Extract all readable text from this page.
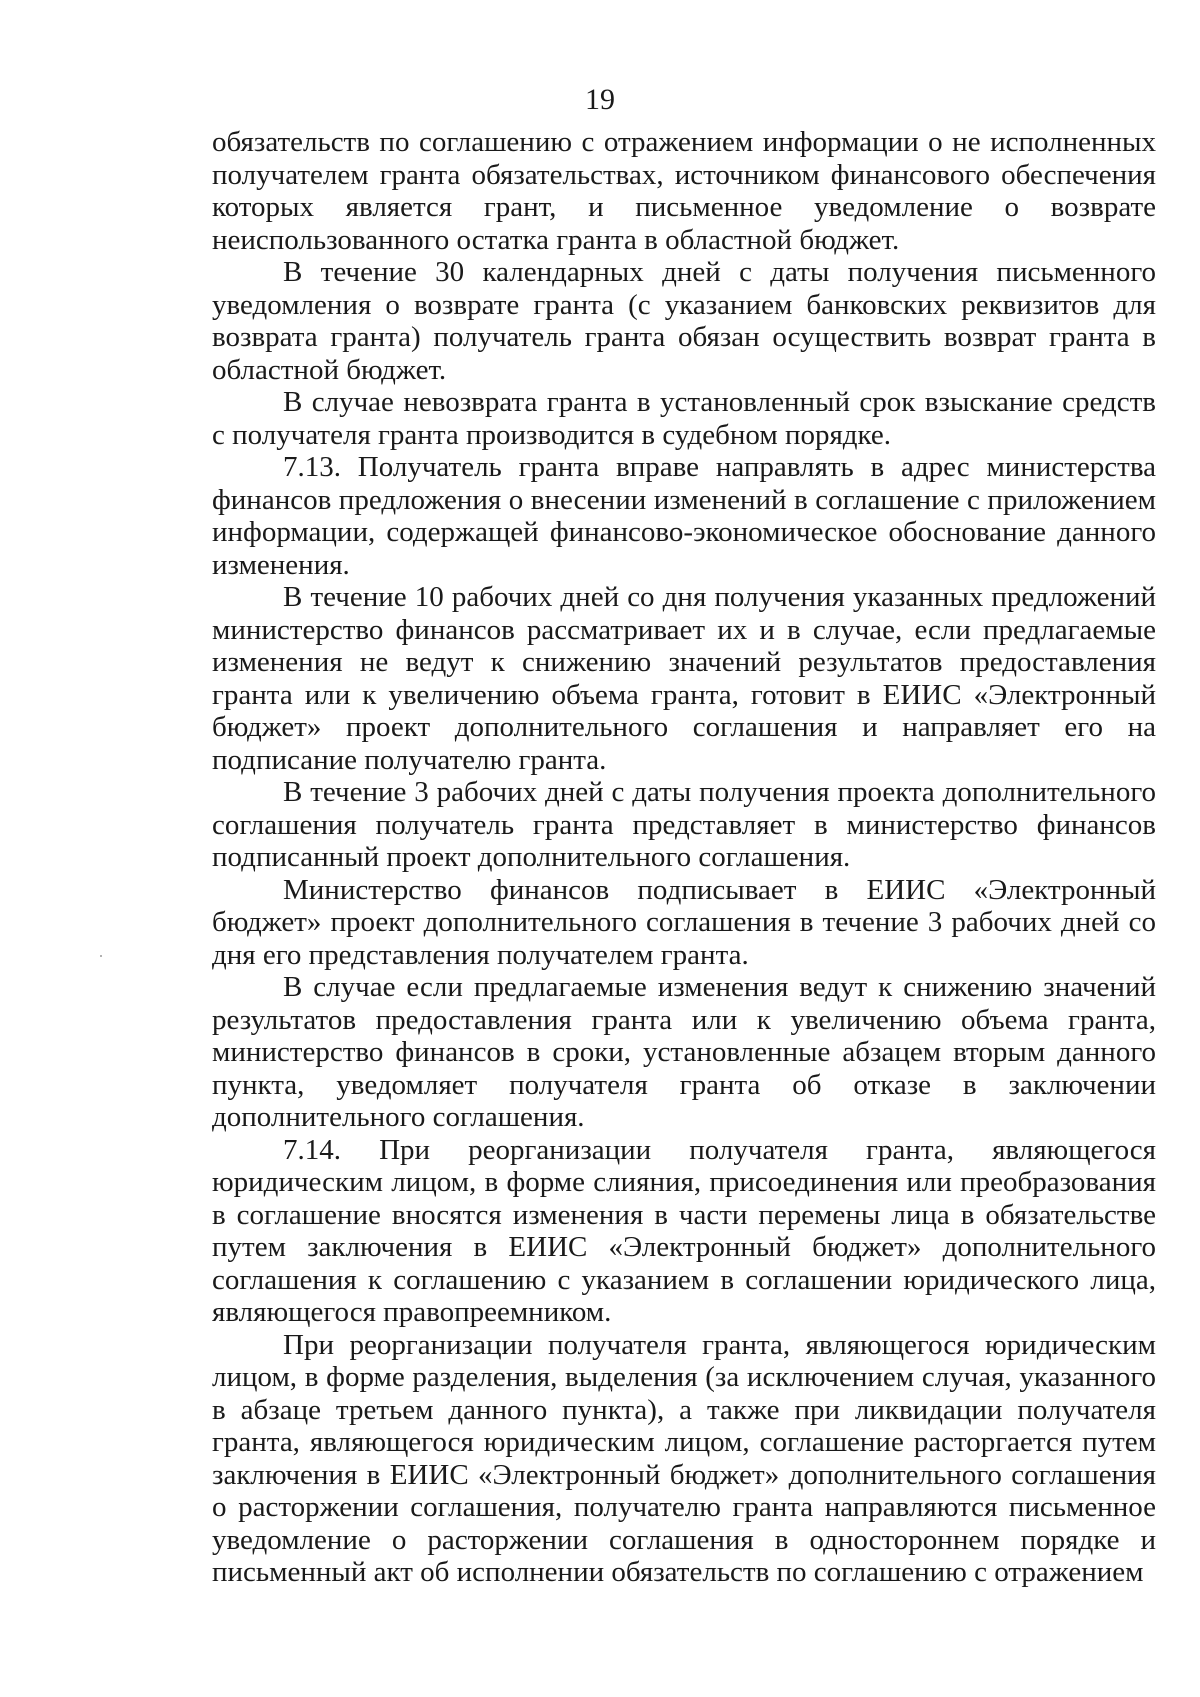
19

обязательств по соглашению с отражением информации о не исполненных получателем гранта обязательствах, источником финансового обеспечения которых является грант, и письменное уведомление о возврате неиспользованного остатка гранта в областной бюджет.

В течение 30 календарных дней с даты получения письменного уведомления о возврате гранта (с указанием банковских реквизитов для возврата гранта) получатель гранта обязан осуществить возврат гранта в областной бюджет.

В случае невозврата гранта в установленный срок взыскание средств с получателя гранта производится в судебном порядке.

7.13. Получатель гранта вправе направлять в адрес министерства финансов предложения о внесении изменений в соглашение с приложением информации, содержащей финансово-экономическое обоснование данного изменения.

В течение 10 рабочих дней со дня получения указанных предложений министерство финансов рассматривает их и в случае, если предлагаемые изменения не ведут к снижению значений результатов предоставления гранта или к увеличению объема гранта, готовит в ЕИИС «Электронный бюджет» проект дополнительного соглашения и направляет его на подписание получателю гранта.

В течение 3 рабочих дней с даты получения проекта дополнительного соглашения получатель гранта представляет в министерство финансов подписанный проект дополнительного соглашения.

Министерство финансов подписывает в ЕИИС «Электронный бюджет» проект дополнительного соглашения в течение 3 рабочих дней со дня его представления получателем гранта.

В случае если предлагаемые изменения ведут к снижению значений результатов предоставления гранта или к увеличению объема гранта, министерство финансов в сроки, установленные абзацем вторым данного пункта, уведомляет получателя гранта об отказе в заключении дополнительного соглашения.

7.14. При реорганизации получателя гранта, являющегося юридическим лицом, в форме слияния, присоединения или преобразования в соглашение вносятся изменения в части перемены лица в обязательстве путем заключения в ЕИИС «Электронный бюджет» дополнительного соглашения к соглашению с указанием в соглашении юридического лица, являющегося правопреемником.

При реорганизации получателя гранта, являющегося юридическим лицом, в форме разделения, выделения (за исключением случая, указанного в абзаце третьем данного пункта), а также при ликвидации получателя гранта, являющегося юридическим лицом, соглашение расторгается путем заключения в ЕИИС «Электронный бюджет» дополнительного соглашения о расторжении соглашения, получателю гранта направляются письменное уведомление о расторжении соглашения в одностороннем порядке и письменный акт об исполнении обязательств по соглашению с отражением
